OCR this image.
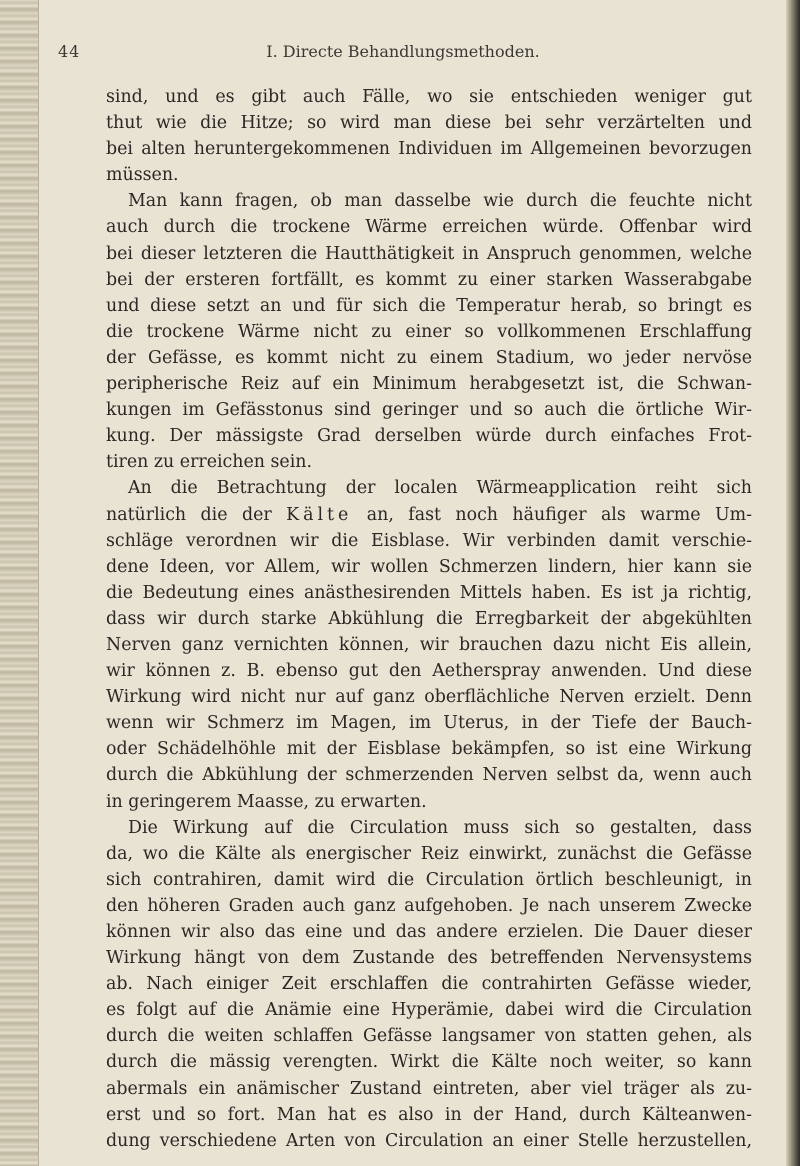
I. Directe Behandlungsmethoden.
44
sind, und es gibt auch Fälle, wo sie entschieden weniger gut
thut wie die Hitze; so wird man diese bei sehr verzärtelten und
bei alten heruntergekommenen Individuen im Allgemeinen bevorzugen
müssen.
Man kann fragen, ob man dasselbe wie durch die feuchte nicht
auch durch die trockene Wärme erreichen würde. Offenbar wird
bei dieser letzteren die Hautthätigkeit in Anspruch genommen, welche
bei der ersteren fortfällt, es kommt zu einer starken Wasserabgabe
und diese setzt an und für sich die Temperatur herab, so bringt es
die trockene Wärme nicht zu einer so vollkommenen Erschlaffung
der Gefässe, es kommt nicht zu einem Stadium, wo jeder nervöse
peripherische Reiz auf ein Minimum herabgesetzt ist, die Schwan-
kungen im Gefässtonus sind geringer und so auch die örtliche Wir-
kung. Der mässigste Grad derselben würde durch einfaches Frot-
tiren zu erreichen sein.
An die Betrachtung der localen Wärmeapplication reiht sich
natürlich die der Kälte an, fast noch häufiger als warme Um-
schläge verordnen wir die Eisblase. Wir verbinden damit verschie-
dene Ideen, vor Allem, wir wollen Schmerzen lindern, hier kann sie
die Bedeutung eines anästhesirenden Mittels haben. Es ist ja richtig,
dass wir durch starke Abkühlung die Erregbarkeit der abgekühlten
Nerven ganz vernichten können, wir brauchen dazu nicht Eis allein,
wir können z. B. ebenso gut den Aetherspray anwenden. Und diese
Wirkung wird nicht nur auf ganz oberflächliche Nerven erzielt. Denn
wenn wir Schmerz im Magen, im Uterus, in der Tiefe der Bauch-
oder Schädelhöhle mit der Eisblase bekämpfen, so ist eine Wirkung
durch die Abkühlung der schmerzenden Nerven selbst da, wenn auch
in geringerem Maasse, zu erwarten.
Die Wirkung auf die Circulation muss sich so gestalten, dass
da, wo die Kälte als energischer Reiz einwirkt, zunächst die Gefässe
sich contrahiren, damit wird die Circulation örtlich beschleunigt, in
den höheren Graden auch ganz aufgehoben. Je nach unserem Zwecke
können wir also das eine und das andere erzielen. Die Dauer dieser
Wirkung hängt von dem Zustande des betreffenden Nervensystems
ab. Nach einiger Zeit erschlaffen die contrahirten Gefässe wieder,
es folgt auf die Anämie eine Hyperämie, dabei wird die Circulation
durch die weiten schlaffen Gefässe langsamer von statten gehen, als
durch die mässig verengten. Wirkt die Kälte noch weiter, so kann
abermals ein anämischer Zustand eintreten, aber viel träger als zu-
erst und so fort. Man hat es also in der Hand, durch Kälteanwen-
dung verschiedene Arten von Circulation an einer Stelle herzustellen,
